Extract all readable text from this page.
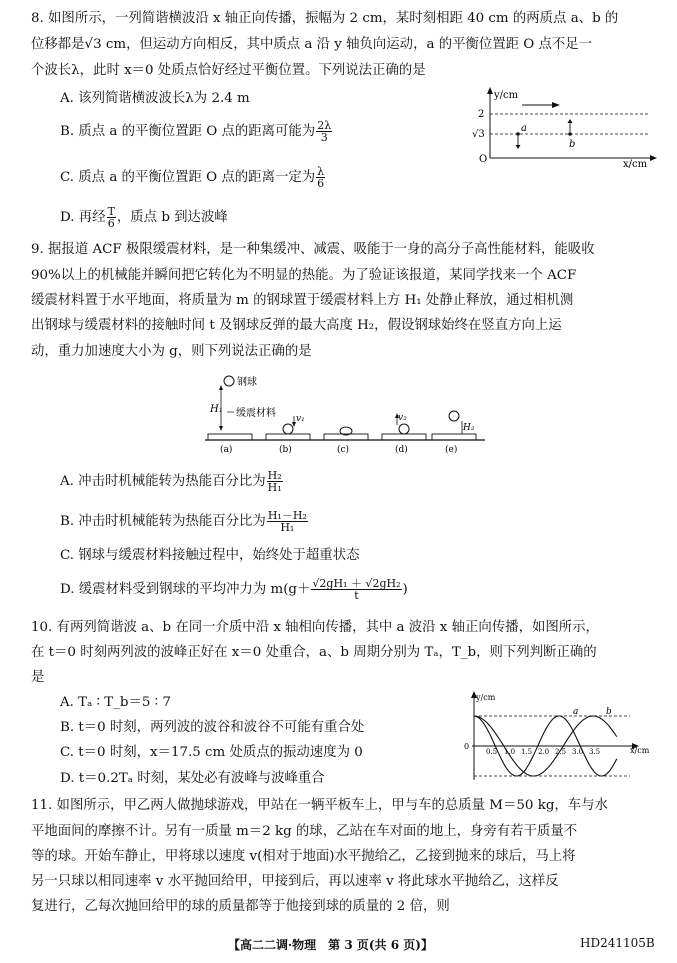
8. 如图所示，一列简谐横波沿 x 轴正向传播，振幅为 2 cm，某时刻相距 40 cm 的两质点 a、b 的
位移都是√3 cm，但运动方向相反，其中质点 a 沿 y 轴负向运动，a 的平衡位置距 O 点不足一
个波长λ，此时 x＝0 处质点恰好经过平衡位置。下列说法正确的是
A. 该列简谐横波波长λ为 2.4 m
B. 质点 a 的平衡位置距 O 点的距离可能为 $\frac{2\lambda}{3}$
C. 质点 a 的平衡位置距 O 点的距离一定为 $\frac{\lambda}{6}$
D. 再经 $\frac{T}{6}$ ，质点 b 到达波峰
y/cm
x/cm
2
√3
O
a
b
9. 据报道 ACF 极限缓震材料，是一种集缓冲、减震、吸能于一身的高分子高性能材料，能吸收
90%以上的机械能并瞬间把它转化为不明显的热能。为了验证该报道，某同学找来一个 ACF
缓震材料置于水平地面，将质量为 m 的钢球置于缓震材料上方 H₁ 处静止释放，通过相机测
出钢球与缓震材料的接触时间 t 及钢球反弹的最大高度 H₂，假设钢球始终在竖直方向上运
动，重力加速度大小为 g，则下列说法正确的是
钢球
H₁ 缓震材料 v₁	v₂
H₂
(a)	(b)	(c)	(d)	(e)
A. 冲击时机械能转为热能百分比为 $\frac{\text{H₂}}{\text{H₁}}$
B. 冲击时机械能转为热能百分比为 $\frac{\text{H₁－H₂}}{\text{H₁}}$
C. 钢球与缓震材料接触过程中，始终处于超重状态
D. 缓震材料受到钢球的平均冲力为 $m(g+ \frac{\text{√2gH₁ ＋ √2gH₂}}{t}$ )
10. 有两列简谐波 a、b 在同一介质中沿 x 轴相向传播，其中 a 波沿 x 轴正向传播，如图所示，
在 t＝0 时刻两列波的波峰正好在 x＝0 处重合，a、b 周期分别为 Tₐ，T_b，则下列判断正确的
是
A. Tₐ ∶ T_b＝5 ∶ 7
B. t＝0 时刻，两列波的波谷和波谷不可能有重合处
C. t＝0 时刻，x＝17.5 cm 处质点的振动速度为 0
D. t＝0.2Tₐ 时刻，某处必有波峰与波峰重合
y/cm
x/cm
0
a	b
0.5 1.0 1.5 2.0 2.5 3.0 3.5
11. 如图所示，甲乙两人做抛球游戏，甲站在一辆平板车上，甲与车的总质量 M＝50 kg，车与水
平地面间的摩擦不计。另有一质量 m＝2 kg 的球，乙站在车对面的地上，身旁有若干质量不
等的球。开始车静止，甲将球以速度 v(相对于地面)水平抛给乙，乙接到抛来的球后，马上将
另一只球以相同速率 v 水平抛回给甲，甲接到后，再以速率 v 将此球水平抛给乙，这样反
复进行，乙每次抛回给甲的球的质量都等于他接到球的质量的 2 倍，则
【高二二调·物理　第 3 页(共 6 页)】	HD241105B
